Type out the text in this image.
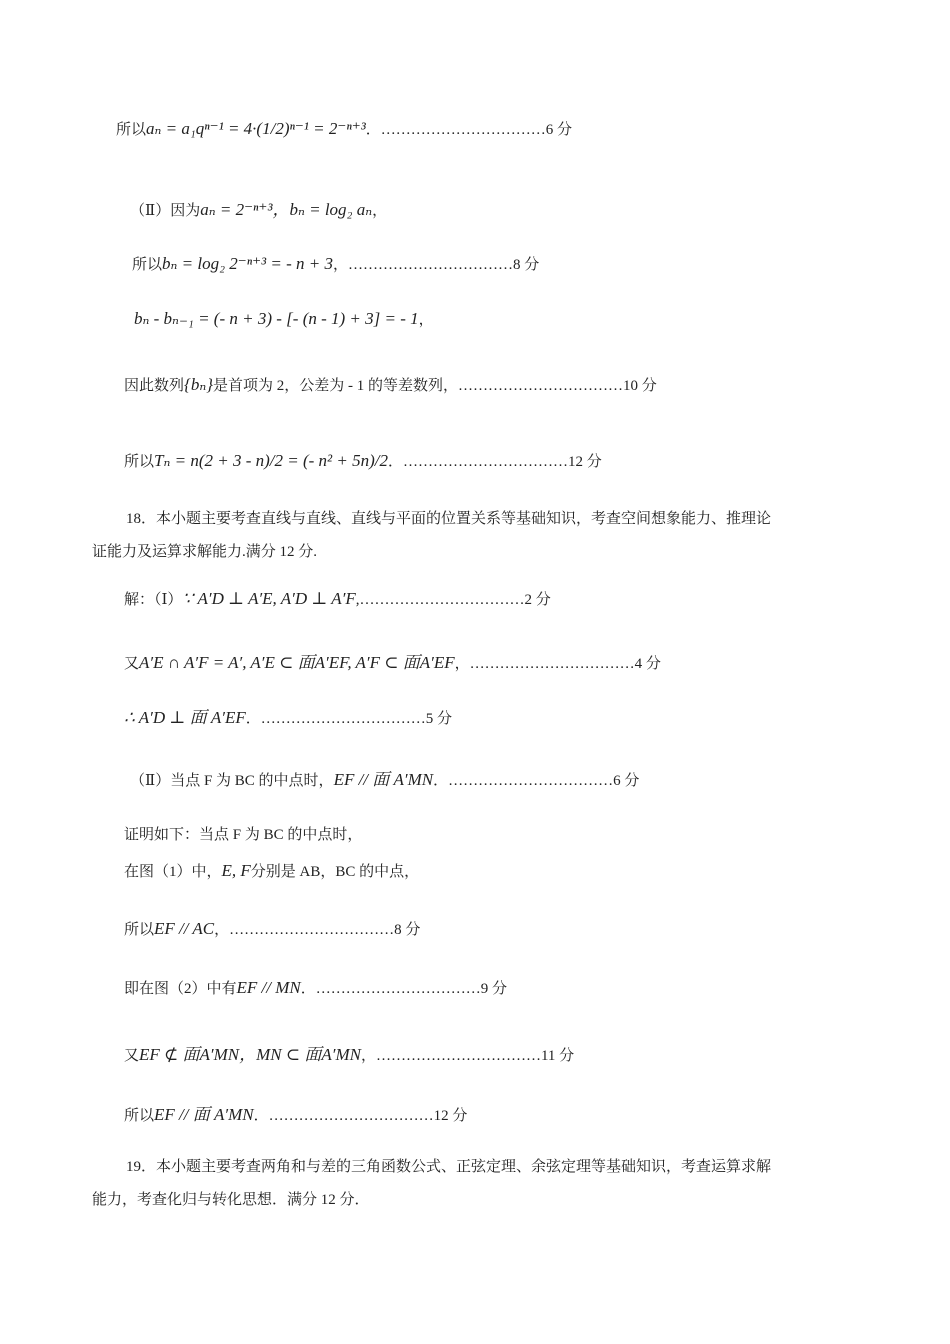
所以aₙ = a₁qⁿ⁻¹ = 4·(1/2)ⁿ⁻¹ = 2⁻ⁿ⁺³．……………………………6 分
（Ⅱ）因为aₙ = 2⁻ⁿ⁺³，bₙ = log₂ aₙ，
所以bₙ = log₂ 2⁻ⁿ⁺³ = - n + 3，……………………………8 分
bₙ - bₙ₋₁ = (- n + 3) - [- (n - 1) + 3] = - 1，
因此数列{bₙ}是首项为 2，公差为 - 1 的等差数列，……………………………10 分
所以Tₙ = n(2 + 3 - n)/2 = (- n² + 5n)/2．……………………………12 分
18．本小题主要考查直线与直线、直线与平面的位置关系等基础知识，考查空间想象能力、推理论
证能力及运算求解能力.满分 12 分.
解：（Ⅰ）∵ A′D ⊥ A′E, A′D ⊥ A′F,……………………………2 分
又A′E ∩ A′F = A′, A′E ⊂ 面A′EF, A′F ⊂ 面A′EF，……………………………4 分
∴ A′D ⊥ 面 A′EF．……………………………5 分
（Ⅱ）当点 F 为 BC 的中点时，EF // 面 A′MN．……………………………6 分
证明如下：当点 F 为 BC 的中点时，
在图（1）中，E, F分别是 AB，BC 的中点，
所以EF // AC，……………………………8 分
即在图（2）中有EF // MN．……………………………9 分
又EF ⊄ 面A′MN，MN ⊂ 面A′MN，……………………………11 分
所以EF // 面 A′MN．……………………………12 分
19．本小题主要考查两角和与差的三角函数公式、正弦定理、余弦定理等基础知识，考查运算求解
能力，考查化归与转化思想．满分 12 分．
